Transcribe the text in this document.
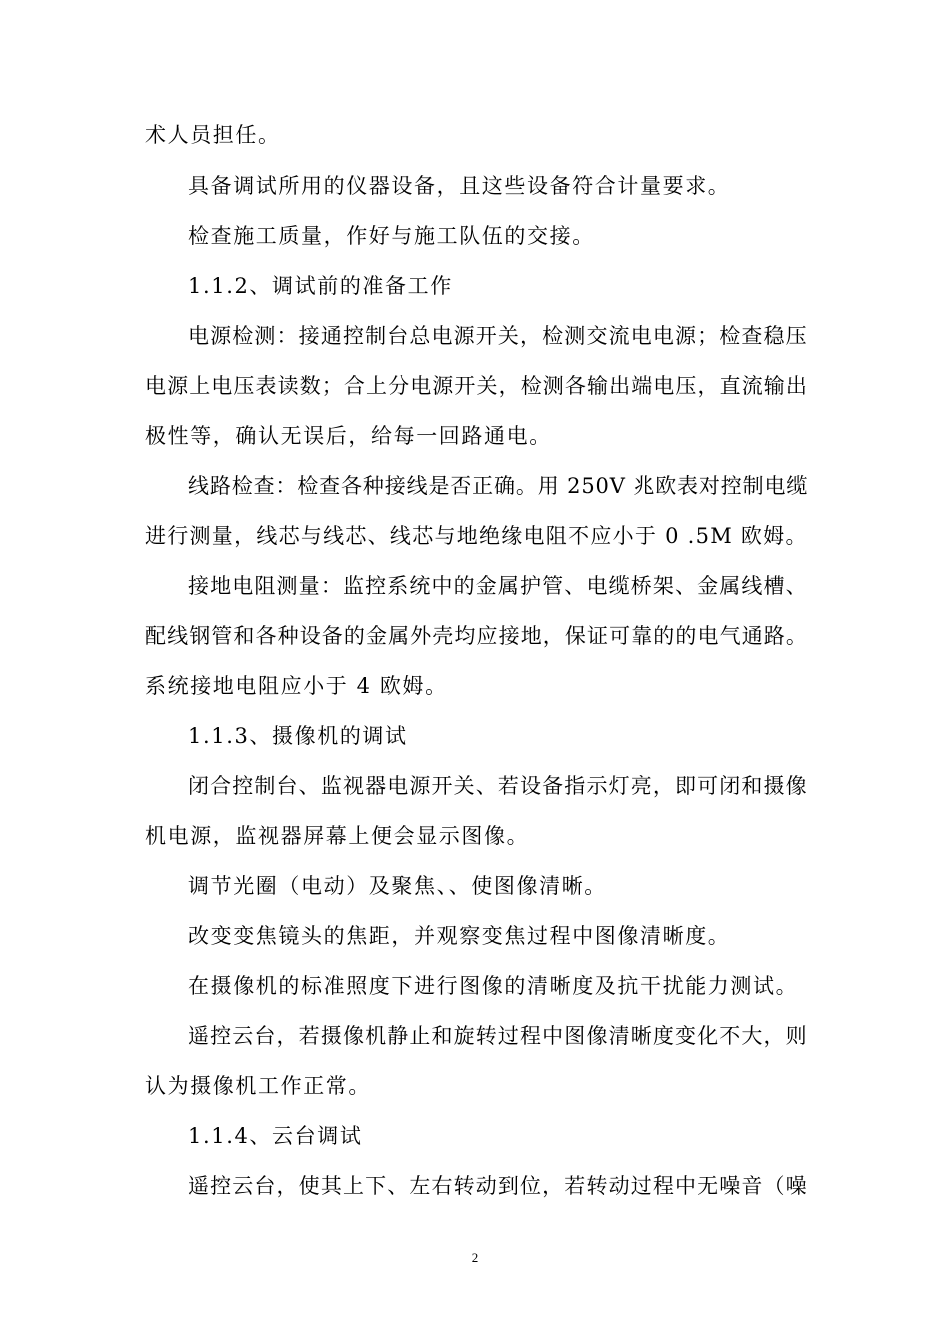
术人员担任。
具备调试所用的仪器设备，且这些设备符合计量要求。
检查施工质量，作好与施工队伍的交接。
1.1.2、调试前的准备工作
电源检测：接通控制台总电源开关，检测交流电电源；检查稳压
电源上电压表读数；合上分电源开关，检测各输出端电压，直流输出
极性等，确认无误后，给每一回路通电。
线路检查：检查各种接线是否正确。用 250V 兆欧表对控制电缆
进行测量，线芯与线芯、线芯与地绝缘电阻不应小于 0 .5M 欧姆。
接地电阻测量：监控系统中的金属护管、电缆桥架、金属线槽、
配线钢管和各种设备的金属外壳均应接地，保证可靠的的电气通路。
系统接地电阻应小于 4 欧姆。
1.1.3、摄像机的调试
闭合控制台、监视器电源开关、若设备指示灯亮，即可闭和摄像
机电源，监视器屏幕上便会显示图像。
调节光圈（电动）及聚焦、、使图像清晰。
改变变焦镜头的焦距，并观察变焦过程中图像清晰度。
在摄像机的标准照度下进行图像的清晰度及抗干扰能力测试。
遥控云台，若摄像机静止和旋转过程中图像清晰度变化不大，则
认为摄像机工作正常。
1.1.4、云台调试
遥控云台，使其上下、左右转动到位，若转动过程中无噪音（噪
2
